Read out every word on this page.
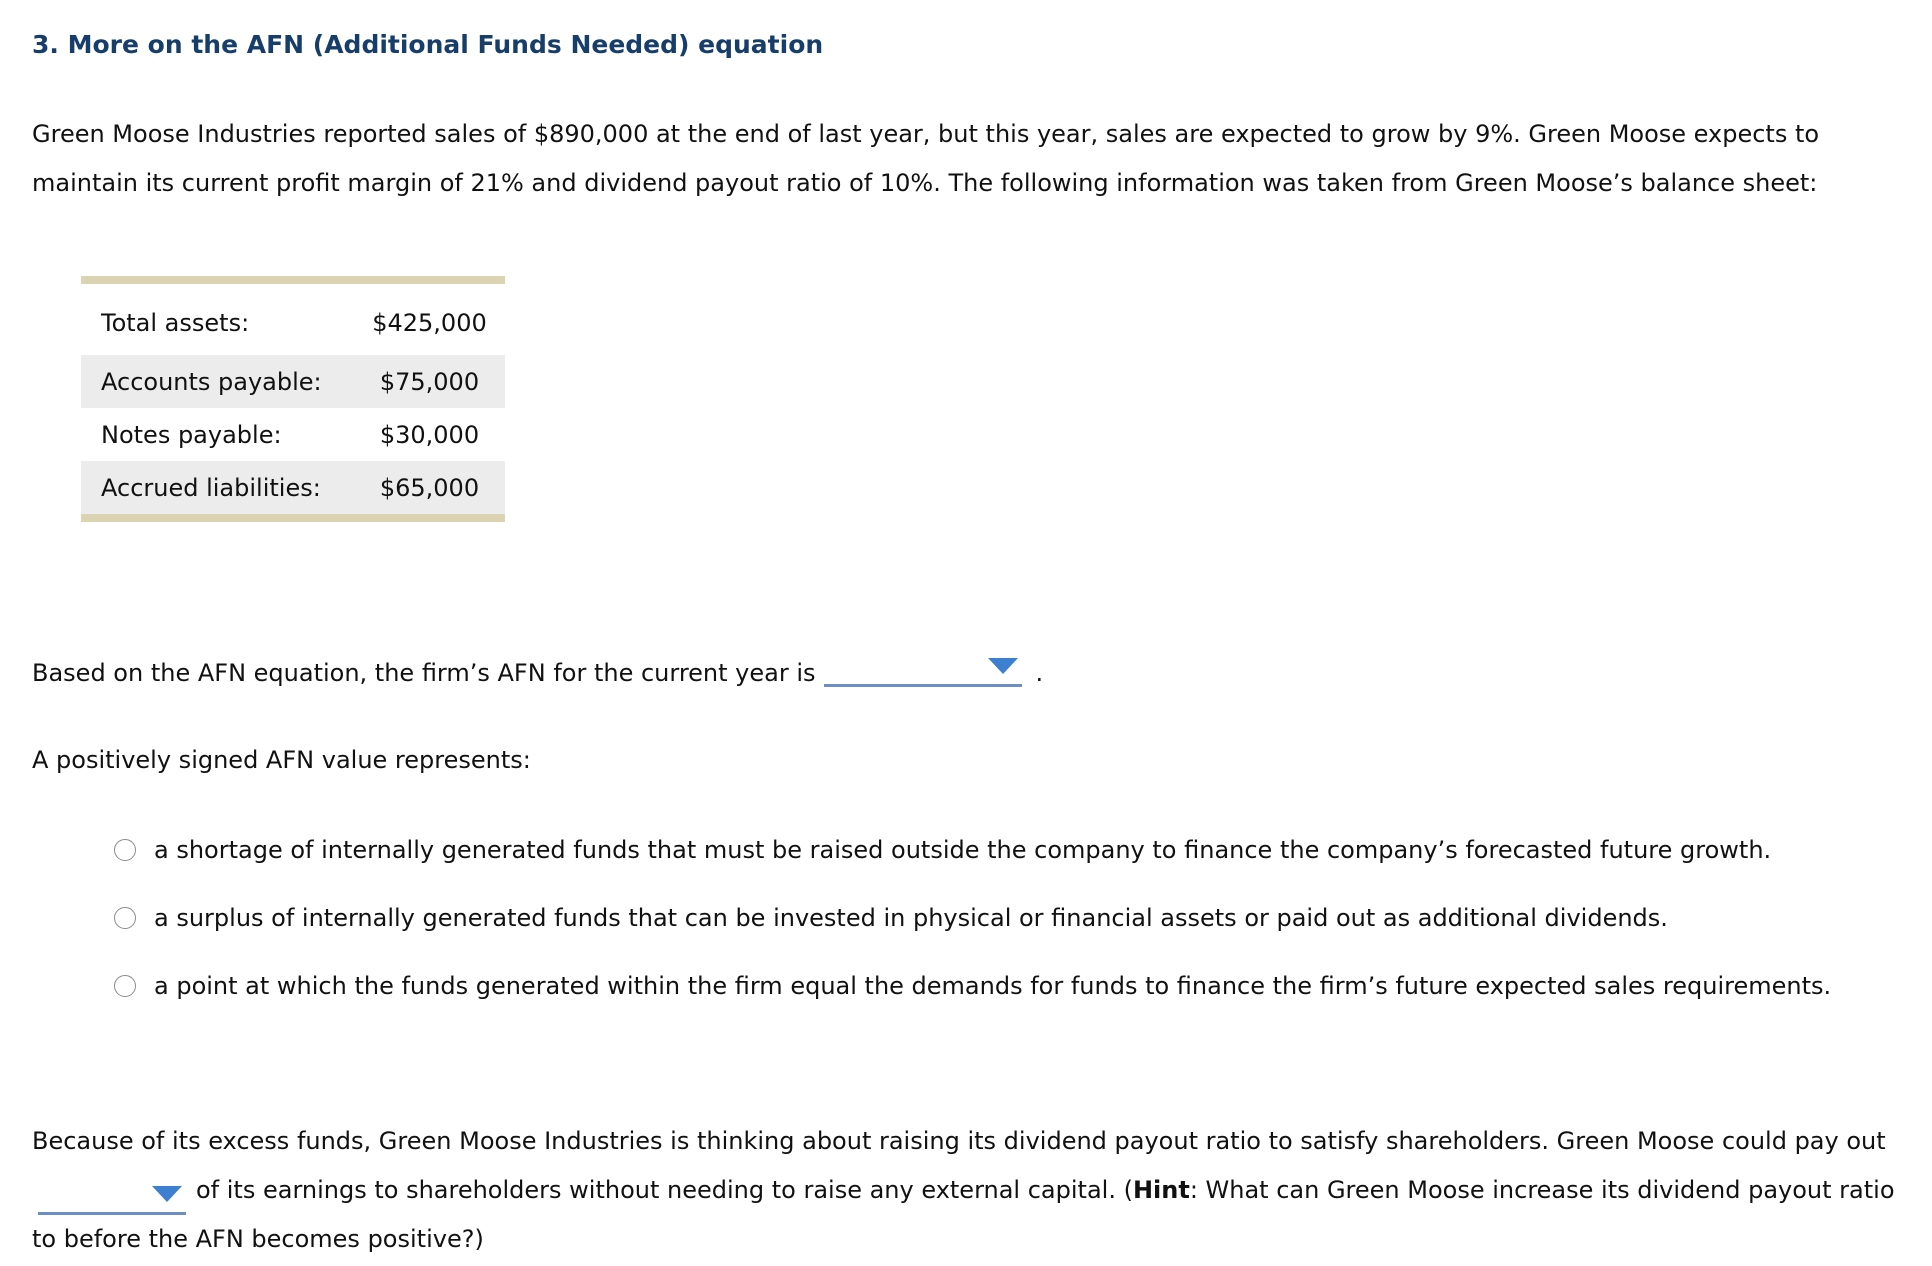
3. More on the AFN (Additional Funds Needed) equation

Green Moose Industries reported sales of $890,000 at the end of last year, but this year, sales are expected to grow by 9%. Green Moose expects to maintain its current profit margin of 21% and dividend payout ratio of 10%. The following information was taken from Green Moose’s balance sheet:

Total assets:	$425,000
Accounts payable:	$75,000
Notes payable:	$30,000
Accrued liabilities:	$65,000
Based on the AFN equation, the firm’s AFN for the current year is	.
A positively signed AFN value represents:
a shortage of internally generated funds that must be raised outside the company to finance the company’s forecasted future growth.
a surplus of internally generated funds that can be invested in physical or financial assets or paid out as additional dividends.
a point at which the funds generated within the firm equal the demands for funds to finance the firm’s future expected sales requirements.

Because of its excess funds, Green Moose Industries is thinking about raising its dividend payout ratio to satisfy shareholders. Green Moose could pay out
of its earnings to shareholders without needing to raise any external capital. (Hint: What can Green Moose increase its dividend payout ratio to before the AFN becomes positive?)
